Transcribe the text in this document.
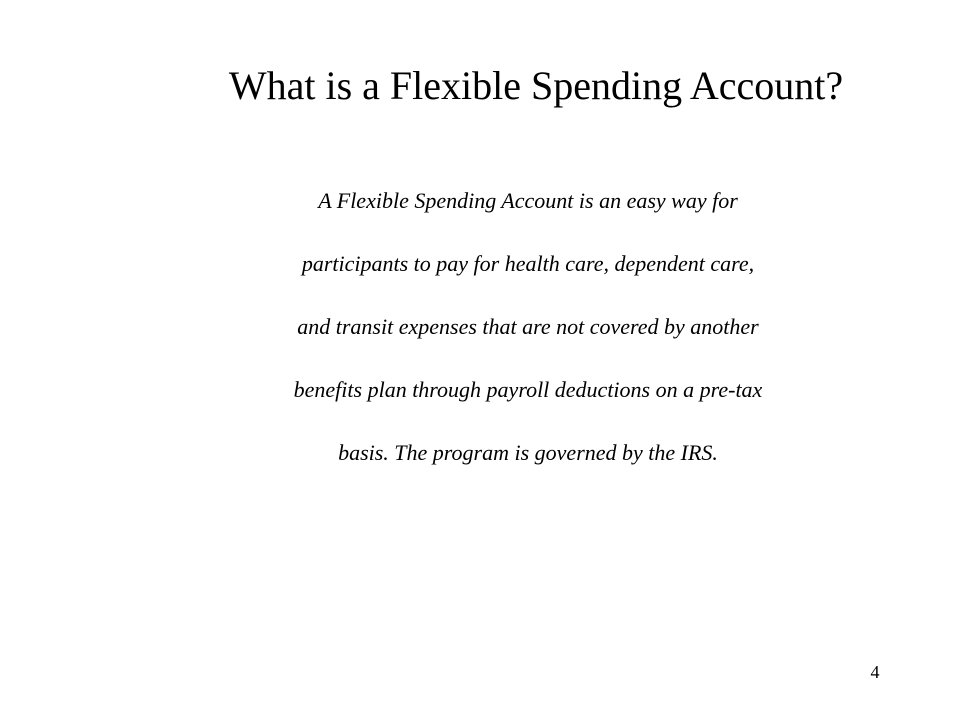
What is a Flexible Spending Account?
A Flexible Spending Account is an easy way for
participants to pay for health care, dependent care,
and transit expenses that are not covered by another
benefits plan through payroll deductions on a pre-tax
basis. The program is governed by the IRS.
4
